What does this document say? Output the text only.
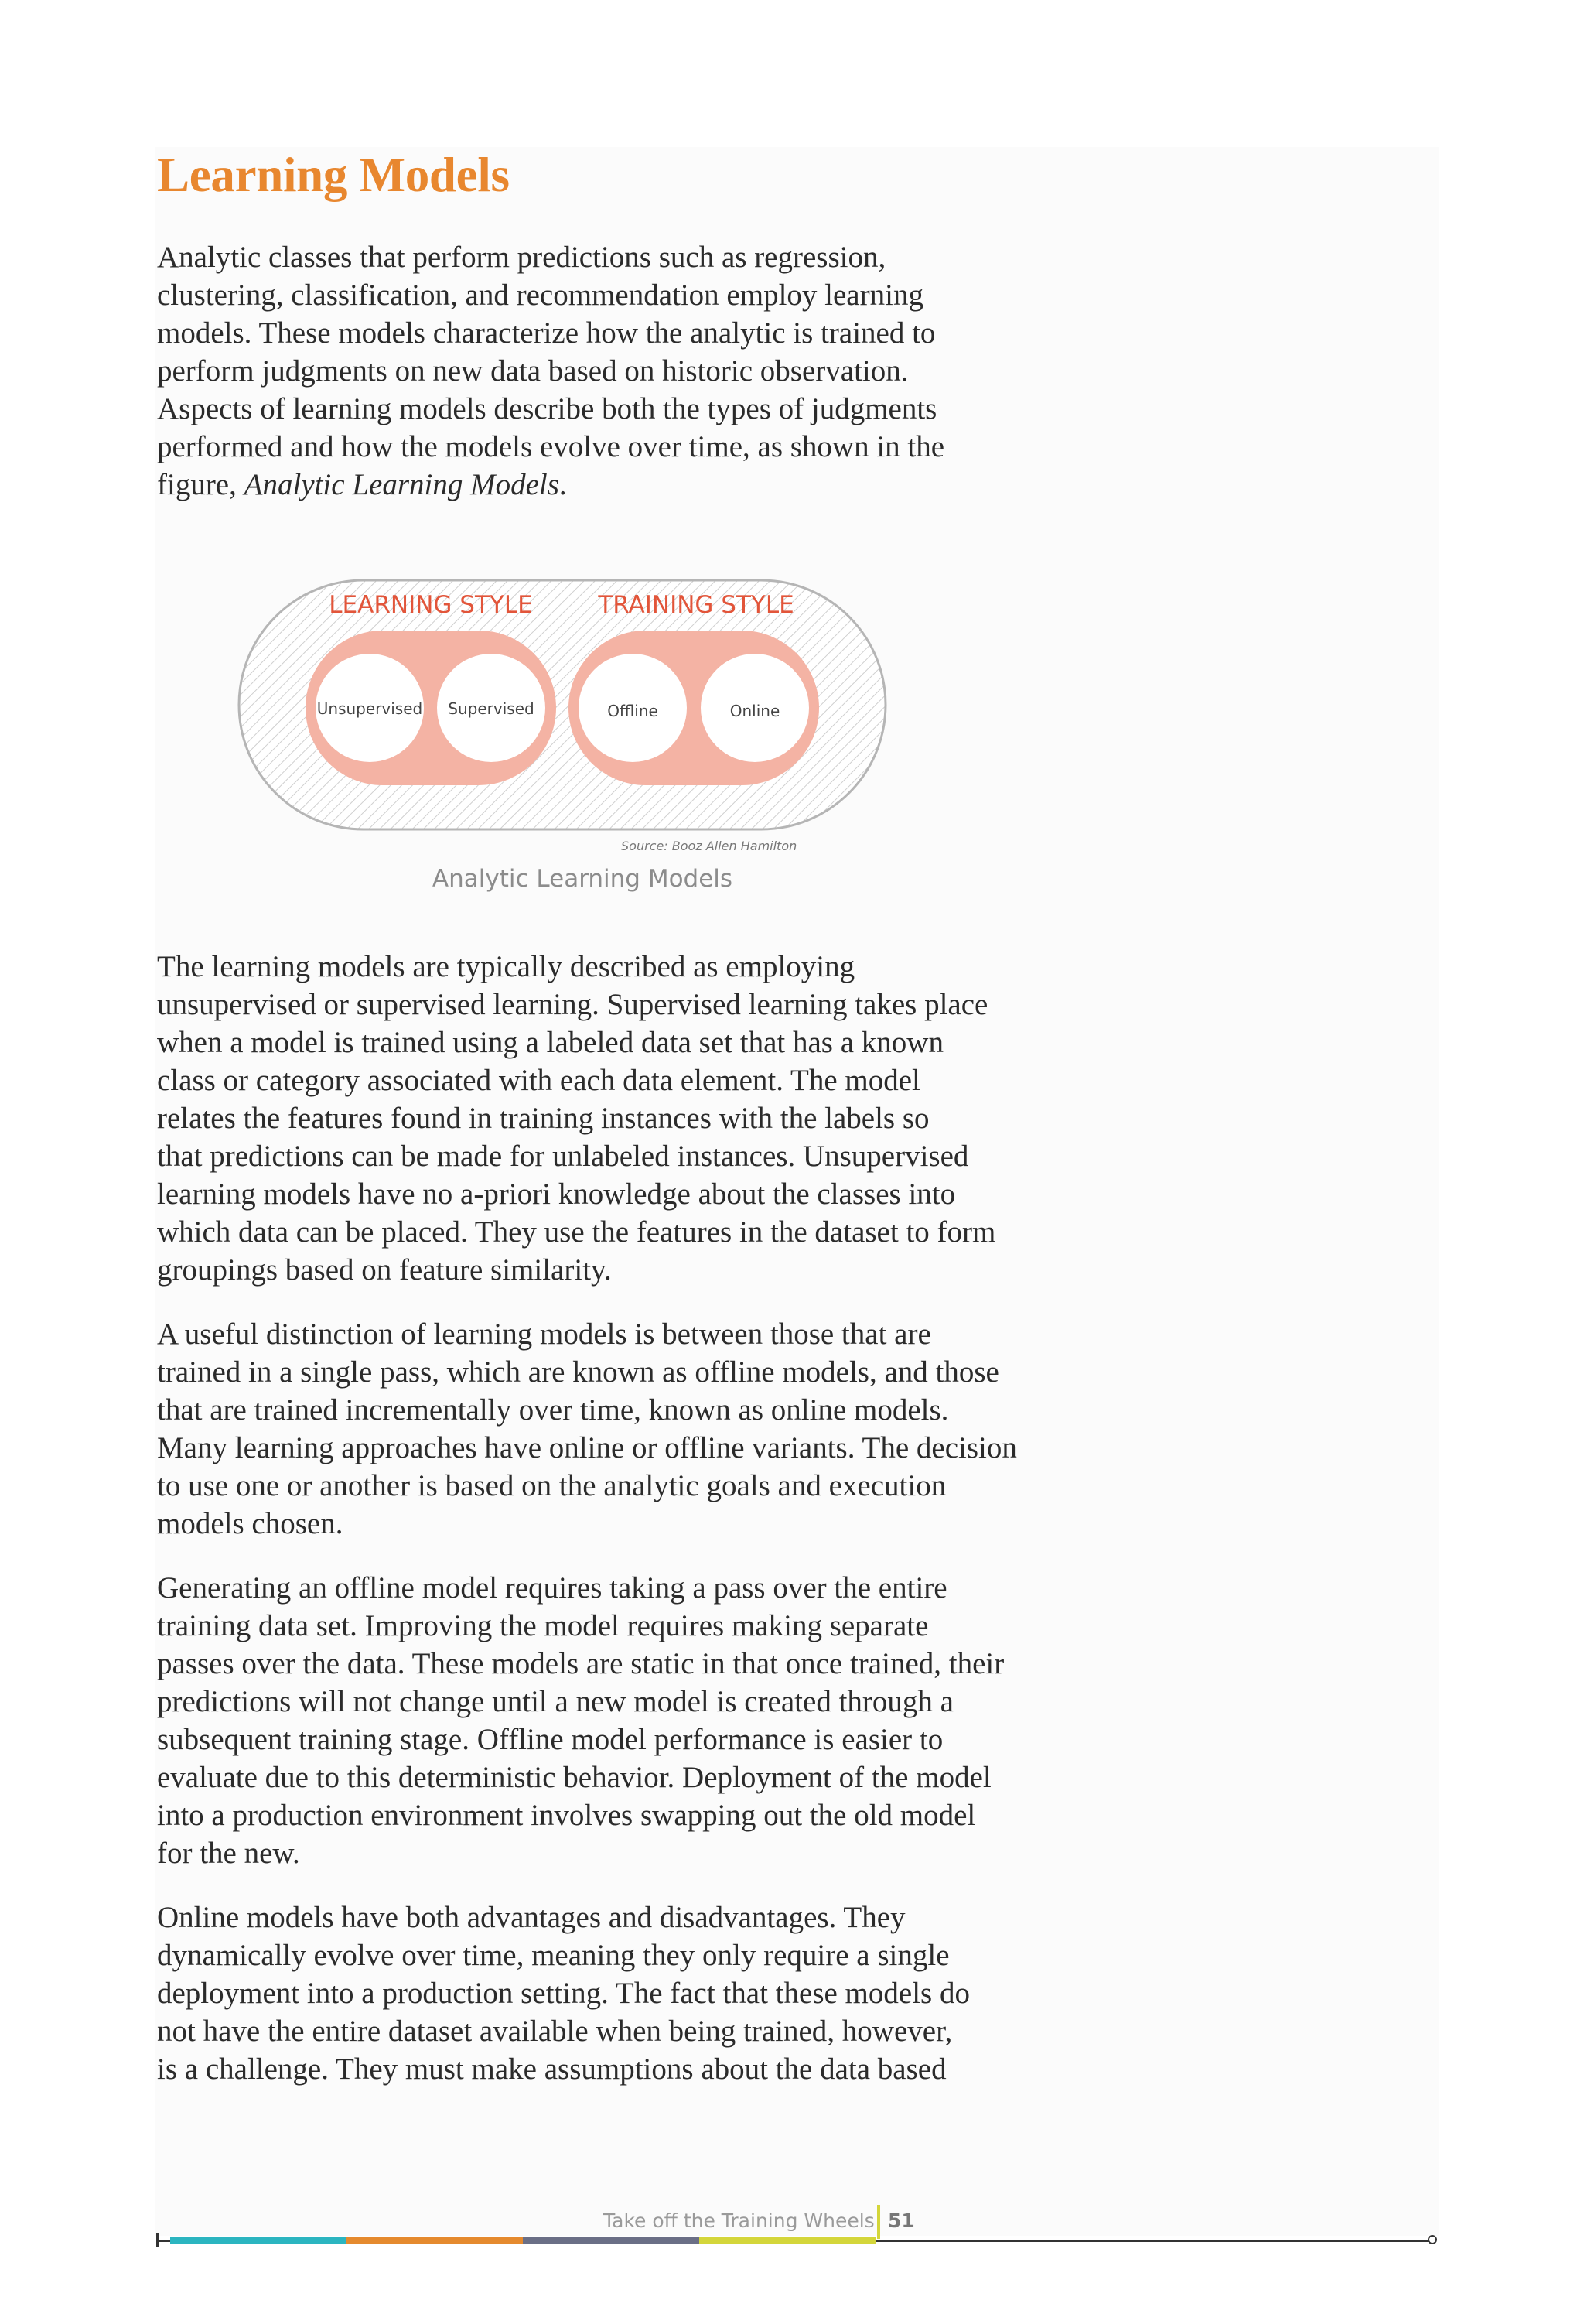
Learning Models

Analytic classes that perform predictions such as regression,
clustering, classification, and recommendation employ learning
models. These models characterize how the analytic is trained to
perform judgments on new data based on historic observation.
Aspects of learning models describe both the types of judgments
performed and how the models evolve over time, as shown in the
figure, Analytic Learning Models.

LEARNING STYLE	TRAINING STYLE
Unsupervised Supervised	Offline	Online
Source: Booz Allen Hamilton
Analytic Learning Models

The learning models are typically described as employing
unsupervised or supervised learning. Supervised learning takes place
when a model is trained using a labeled data set that has a known
class or category associated with each data element. The model
relates the features found in training instances with the labels so
that predictions can be made for unlabeled instances. Unsupervised
learning models have no a-priori knowledge about the classes into
which data can be placed. They use the features in the dataset to form
groupings based on feature similarity.

A useful distinction of learning models is between those that are
trained in a single pass, which are known as offline models, and those
that are trained incrementally over time, known as online models.
Many learning approaches have online or offline variants. The decision
to use one or another is based on the analytic goals and execution
models chosen.

Generating an offline model requires taking a pass over the entire
training data set. Improving the model requires making separate
passes over the data. These models are static in that once trained, their
predictions will not change until a new model is created through a
subsequent training stage. Offline model performance is easier to
evaluate due to this deterministic behavior. Deployment of the model
into a production environment involves swapping out the old model
for the new.

Online models have both advantages and disadvantages. They
dynamically evolve over time, meaning they only require a single
deployment into a production setting. The fact that these models do
not have the entire dataset available when being trained, however,
is a challenge. They must make assumptions about the data based

Take off the Training Wheels 51
